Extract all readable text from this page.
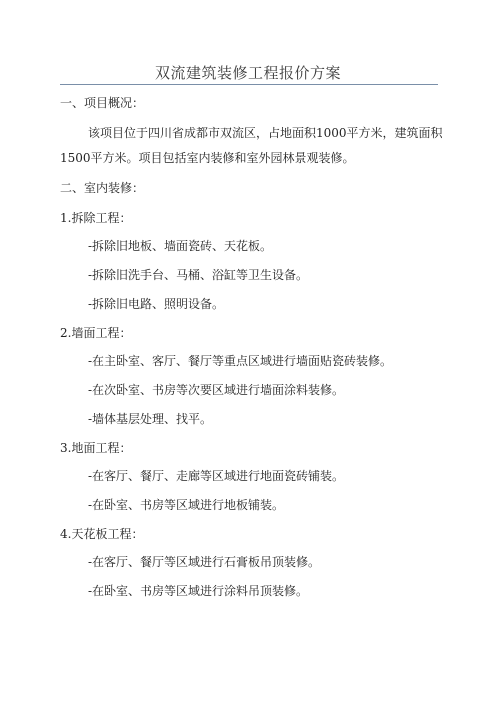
双流建筑装修工程报价方案
一、项目概况：
该项目位于四川省成都市双流区，占地面积1000平方米，建筑面积
1500平方米。项目包括室内装修和室外园林景观装修。
二、室内装修：
1.拆除工程：
-拆除旧地板、墙面瓷砖、天花板。
-拆除旧洗手台、马桶、浴缸等卫生设备。
-拆除旧电路、照明设备。
2.墙面工程：
-在主卧室、客厅、餐厅等重点区域进行墙面贴瓷砖装修。
-在次卧室、书房等次要区域进行墙面涂料装修。
-墙体基层处理、找平。
3.地面工程：
-在客厅、餐厅、走廊等区域进行地面瓷砖铺装。
-在卧室、书房等区域进行地板铺装。
4.天花板工程：
-在客厅、餐厅等区域进行石膏板吊顶装修。
-在卧室、书房等区域进行涂料吊顶装修。
